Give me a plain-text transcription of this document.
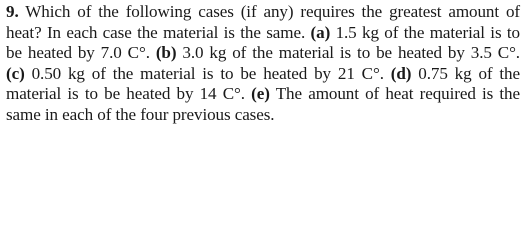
9. Which of the following cases (if any) requires the greatest amount of
heat? In each case the material is the same. (a) 1.5 kg of the material is to
be heated by 7.0 C°. (b) 3.0 kg of the material is to be heated by 3.5 C°.
(c) 0.50 kg of the material is to be heated by 21 C°. (d) 0.75 kg of the
material is to be heated by 14 C°. (e) The amount of heat required is the
same in each of the four previous cases.
